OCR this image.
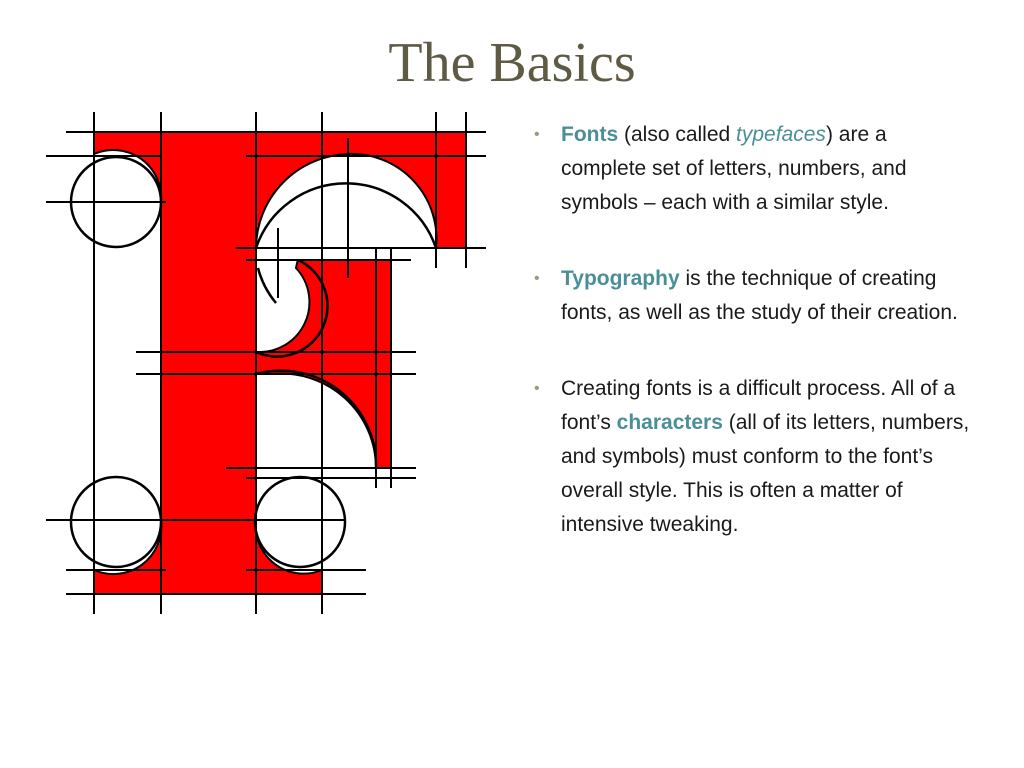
The Basics
• Fonts (also called typefaces) are a complete set of letters, numbers, and symbols – each with a similar style.
• Typography is the technique of creating fonts, as well as the study of their creation.
• Creating fonts is a difficult process. All of a font’s characters (all of its letters, numbers, and symbols) must conform to the font’s overall style. This is often a matter of intensive tweaking.
